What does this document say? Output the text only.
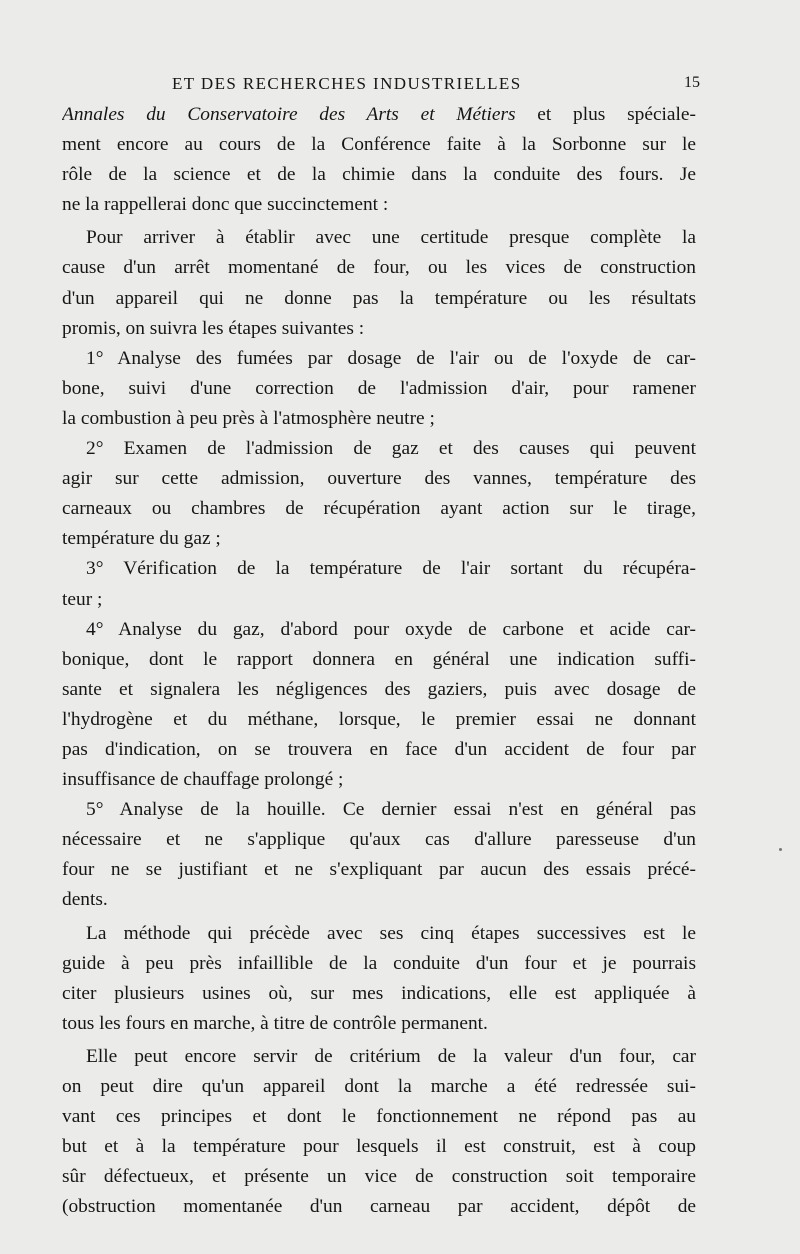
ET DES RECHERCHES INDUSTRIELLES	15
Annales du Conservatoire des Arts et Métiers et plus spéciale-
ment encore au cours de la Conférence faite à la Sorbonne sur le
rôle de la science et de la chimie dans la conduite des fours. Je
ne la rappellerai donc que succinctement :
Pour arriver à établir avec une certitude presque complète la
cause d'un arrêt momentané de four, ou les vices de construction
d'un appareil qui ne donne pas la température ou les résultats
promis, on suivra les étapes suivantes :
1° Analyse des fumées par dosage de l'air ou de l'oxyde de car-
bone, suivi d'une correction de l'admission d'air, pour ramener
la combustion à peu près à l'atmosphère neutre ;
2° Examen de l'admission de gaz et des causes qui peuvent
agir sur cette admission, ouverture des vannes, température des
carneaux ou chambres de récupération ayant action sur le tirage,
température du gaz ;
3° Vérification de la température de l'air sortant du récupéra-
teur ;
4° Analyse du gaz, d'abord pour oxyde de carbone et acide car-
bonique, dont le rapport donnera en général une indication suffi-
sante et signalera les négligences des gaziers, puis avec dosage de
l'hydrogène et du méthane, lorsque, le premier essai ne donnant
pas d'indication, on se trouvera en face d'un accident de four par
insuffisance de chauffage prolongé ;
5° Analyse de la houille. Ce dernier essai n'est en général pas
nécessaire et ne s'applique qu'aux cas d'allure paresseuse d'un
four ne se justifiant et ne s'expliquant par aucun des essais précé-
dents.
La méthode qui précède avec ses cinq étapes successives est le
guide à peu près infaillible de la conduite d'un four et je pourrais
citer plusieurs usines où, sur mes indications, elle est appliquée à
tous les fours en marche, à titre de contrôle permanent.
Elle peut encore servir de critérium de la valeur d'un four, car
on peut dire qu'un appareil dont la marche a été redressée sui-
vant ces principes et dont le fonctionnement ne répond pas au
but et à la température pour lesquels il est construit, est à coup
sûr défectueux, et présente un vice de construction soit temporaire
(obstruction momentanée d'un carneau par accident, dépôt de
